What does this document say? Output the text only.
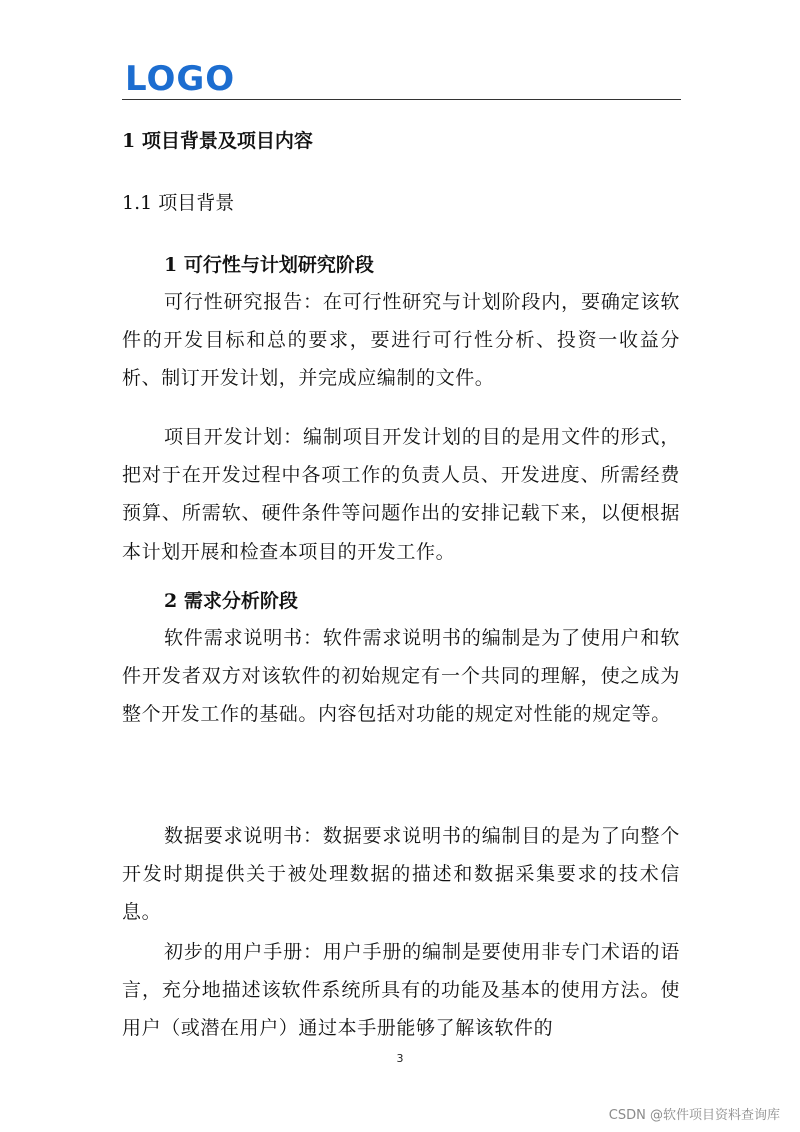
LOGO
1 项目背景及项目内容
1.1 项目背景
1 可行性与计划研究阶段
可行性研究报告：在可行性研究与计划阶段内，要确定该软件的开发目标和总的要求，要进行可行性分析、投资一收益分析、制订开发计划，并完成应编制的文件。
项目开发计划：编制项目开发计划的目的是用文件的形式，把对于在开发过程中各项工作的负责人员、开发进度、所需经费预算、所需软、硬件条件等问题作出的安排记载下来，以便根据本计划开展和检查本项目的开发工作。
2 需求分析阶段
软件需求说明书：软件需求说明书的编制是为了使用户和软件开发者双方对该软件的初始规定有一个共同的理解，使之成为整个开发工作的基础。内容包括对功能的规定对性能的规定等。
数据要求说明书：数据要求说明书的编制目的是为了向整个开发时期提供关于被处理数据的描述和数据采集要求的技术信息。
初步的用户手册：用户手册的编制是要使用非专门术语的语言，充分地描述该软件系统所具有的功能及基本的使用方法。使用户（或潜在用户）通过本手册能够了解该软件的
3
CSDN @软件项目资料查询库
